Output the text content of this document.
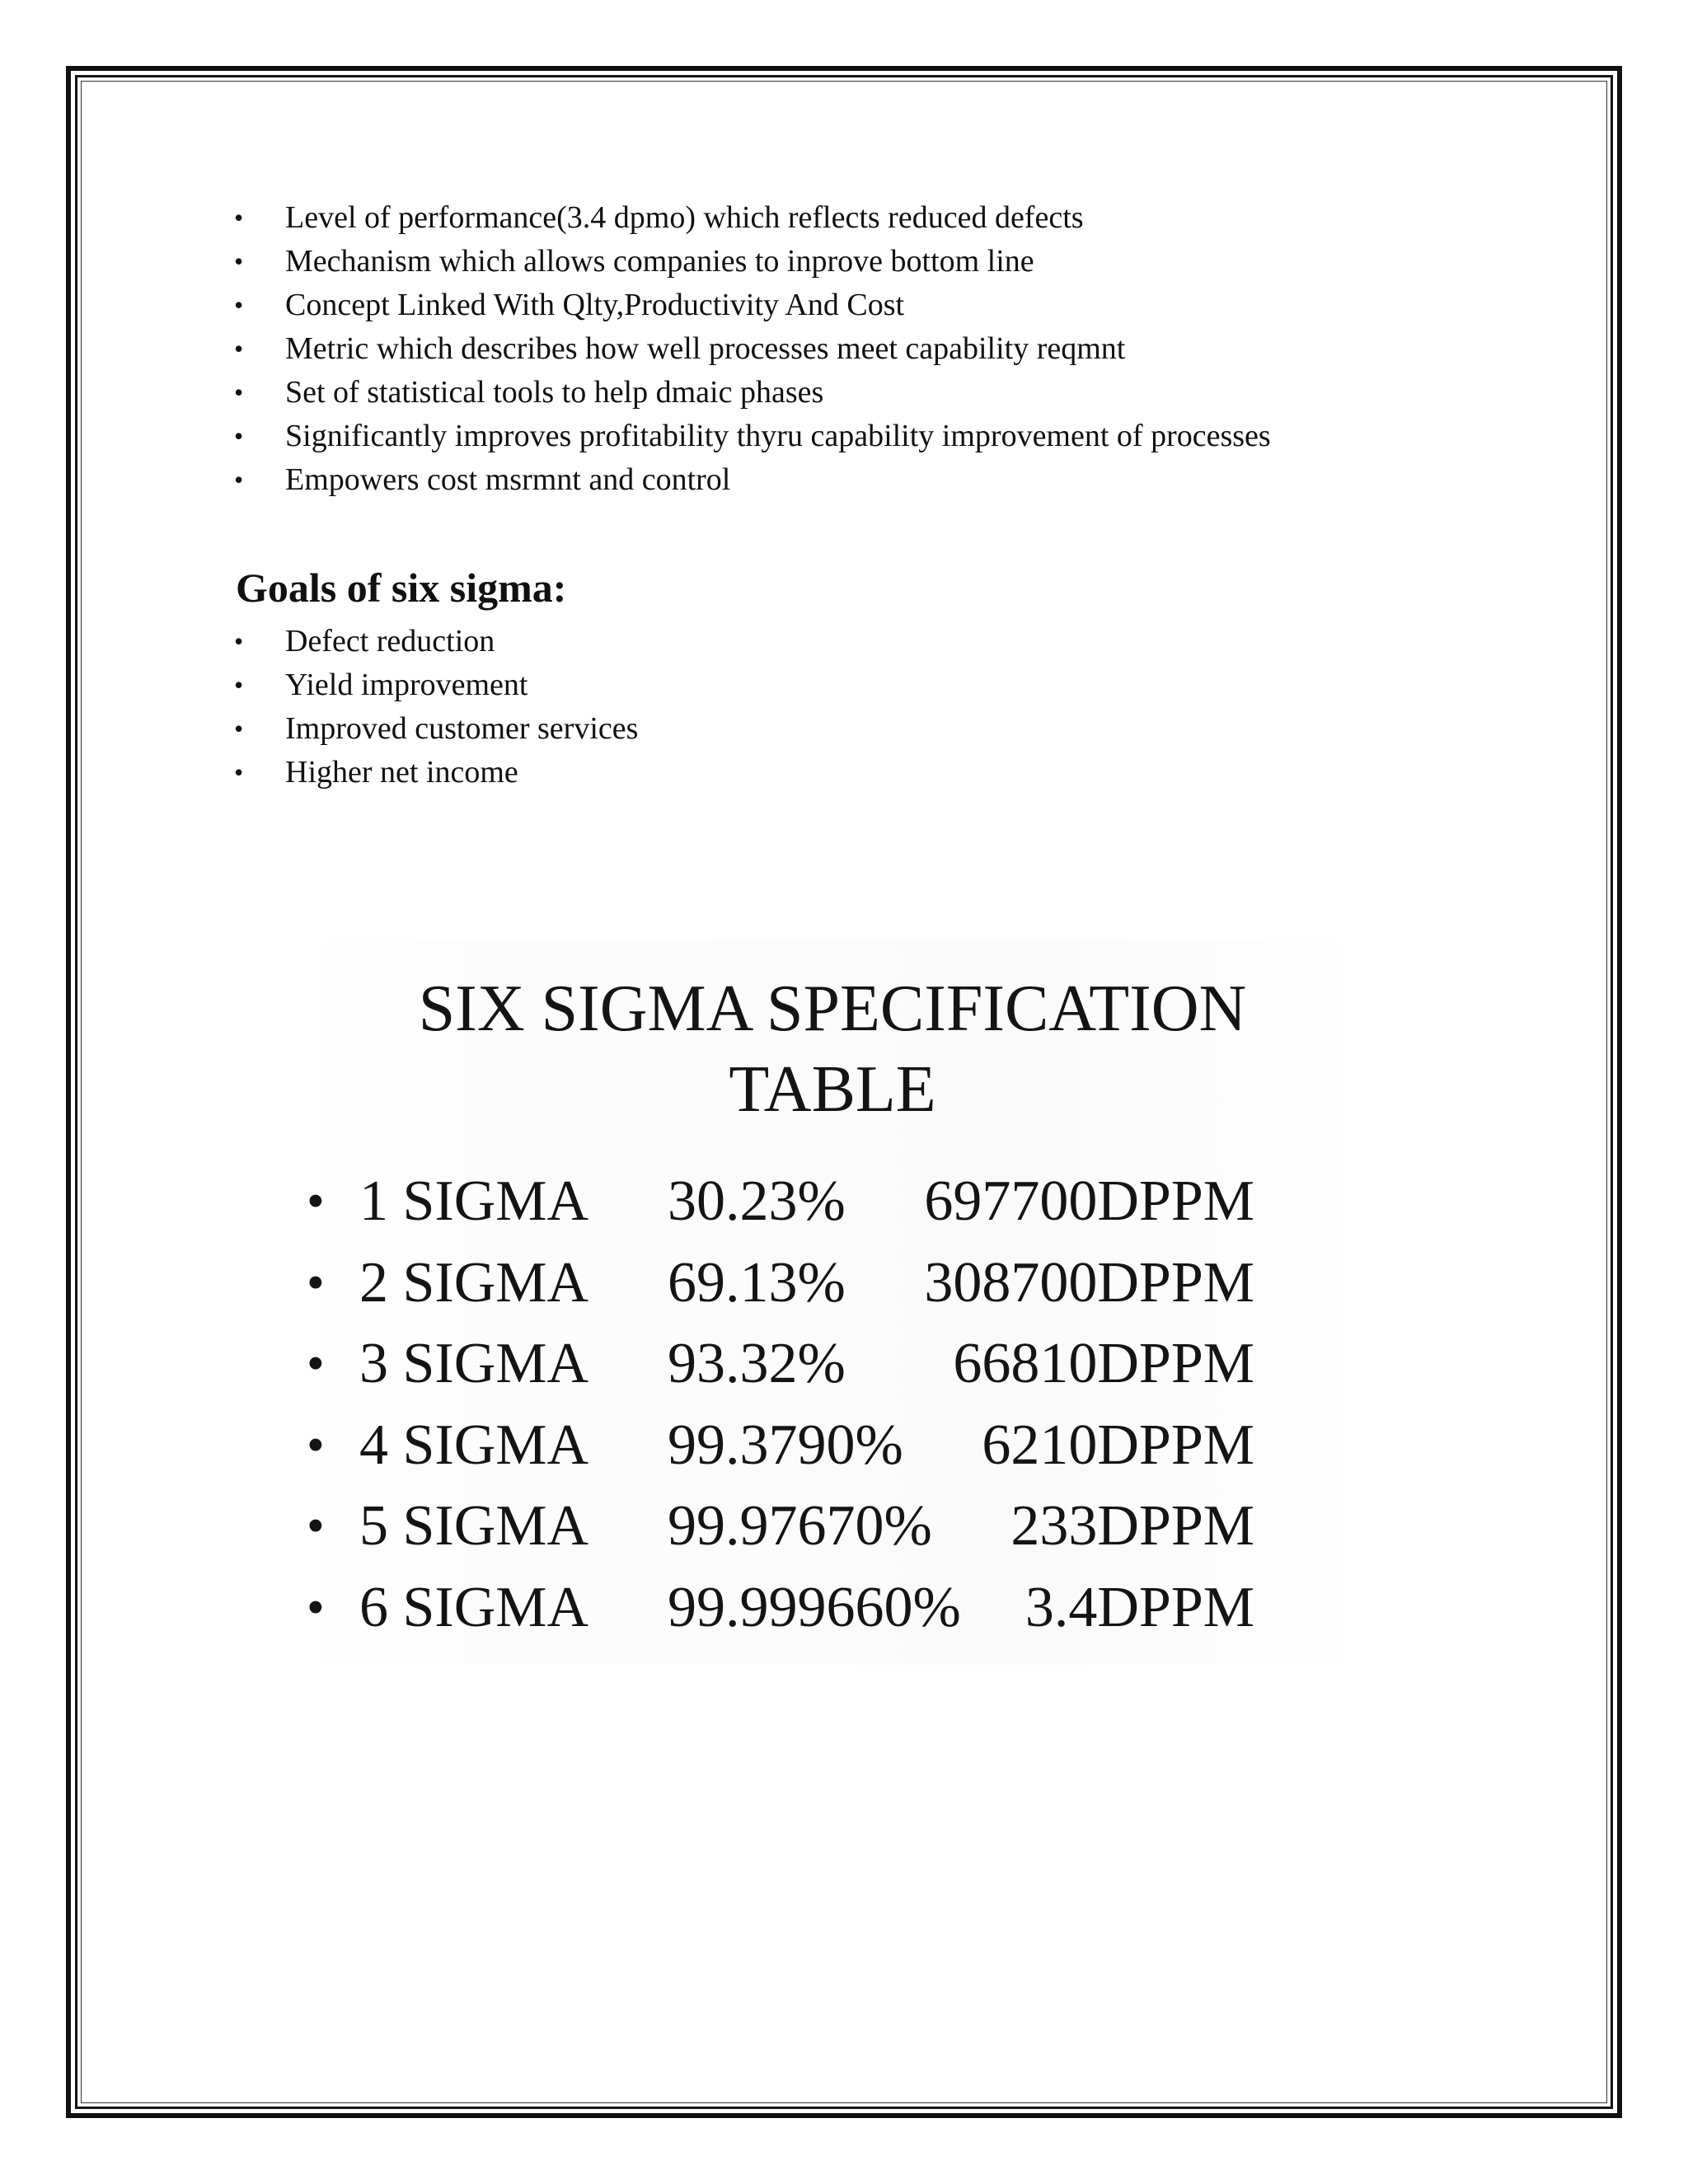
• Level of performance(3.4 dpmo) which reflects reduced defects
• Mechanism which allows companies to inprove bottom line
• Concept Linked With Qlty,Productivity And Cost
• Metric which describes how well processes meet capability reqmnt
• Set of statistical tools to help dmaic phases
• Significantly improves profitability thyru capability improvement of processes
• Empowers cost msrmnt and control
Goals of six sigma:
• Defect reduction
• Yield improvement
• Improved customer services
• Higher net income
SIX SIGMA SPECIFICATION
TABLE
• 1 SIGMA 30.23%	697700DPPM
• 2 SIGMA 69.13%	308700DPPM
• 3 SIGMA 93.32%	66810DPPM
• 4 SIGMA 99.3790%	6210DPPM
• 5 SIGMA 99.97670%	233DPPM
• 6 SIGMA 99.999660%	3.4DPPM
